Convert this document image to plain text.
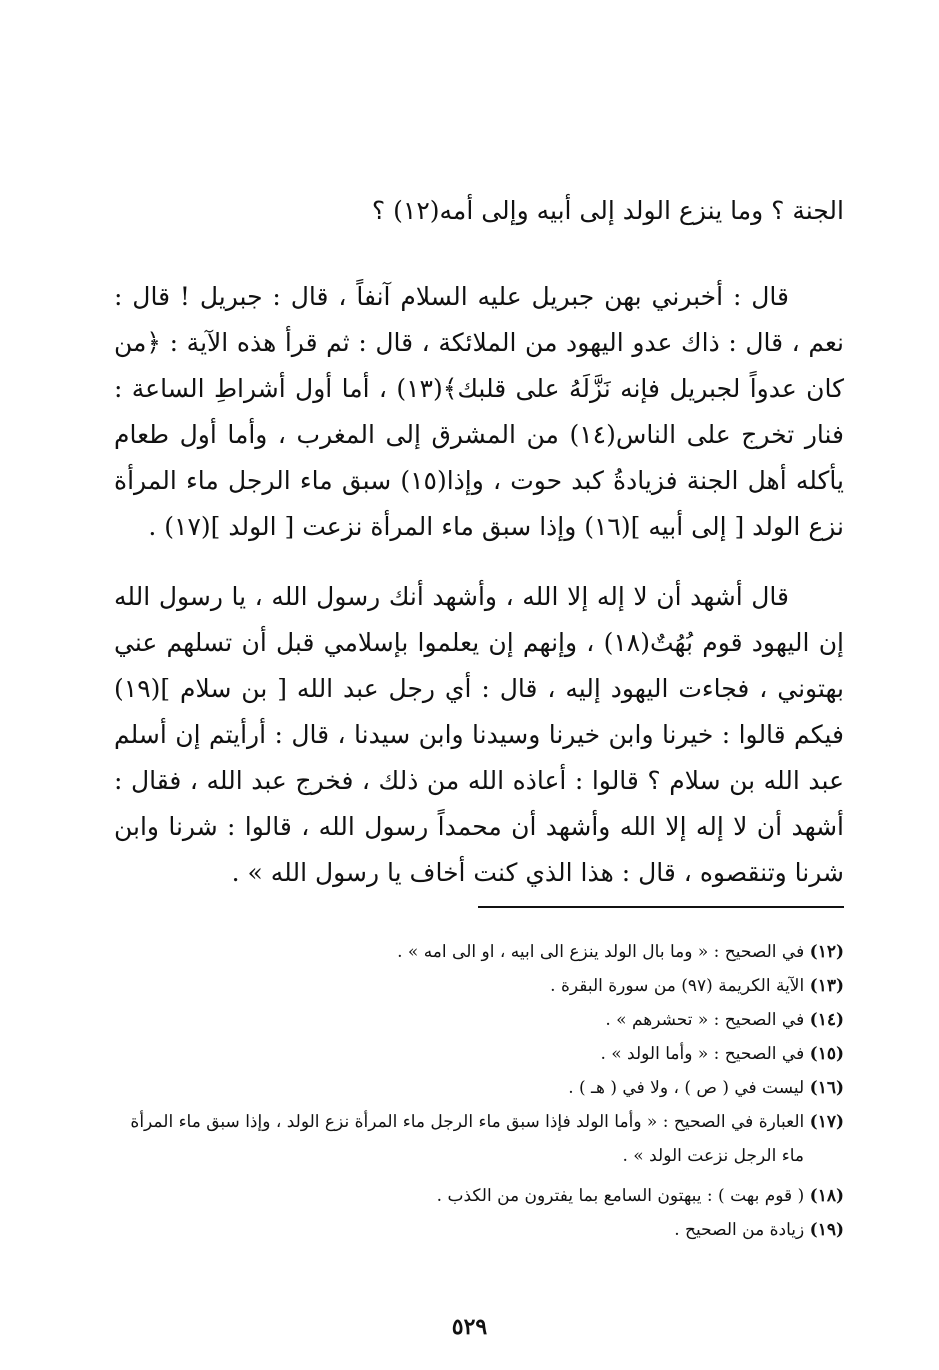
الجنة ؟ وما ينزع الولد إلى أبيه وإلى أمه(١٢) ؟

قال : أخبرني بهن جبريل عليه السلام آنفاً ، قال : جبريل ! قال : نعم ، قال : ذاك عدو اليهود من الملائكة ، قال : ثم قرأ هذه الآية : ﴿من كان عدواً لجبريل فإنه نَزَّلَهُ على قلبك﴾(١٣) ، أما أول أشراطِ الساعة : فنار تخرج على الناس(١٤) من المشرق إلى المغرب ، وأما أول طعام يأكله أهل الجنة فزيادةُ كبد حوت ، وإذا(١٥) سبق ماء الرجل ماء المرأة نزع الولد [ إلى أبيه ](١٦) وإذا سبق ماء المرأة نزعت [ الولد ](١٧) .

قال أشهد أن لا إله إلا الله ، وأشهد أنك رسول الله ، يا رسول الله إن اليهود قوم بُهُتٌ(١٨) ، وإنهم إن يعلموا بإسلامي قبل أن تسلهم عني بهتوني ، فجاءت اليهود إليه ، قال : أي رجل عبد الله [ بن سلام ](١٩) فيكم قالوا : خيرنا وابن خيرنا وسيدنا وابن سيدنا ، قال : أرأيتم إن أسلم عبد الله بن سلام ؟ قالوا : أعاذه الله من ذلك ، فخرج عبد الله ، فقال : أشهد أن لا إله إلا الله وأشهد أن محمداً رسول الله ، قالوا : شرنا وابن شرنا وتنقصوه ، قال : هذا الذي كنت أخاف يا رسول الله » .

(١٢) في الصحيح : « وما بال الولد ينزع الى ابيه ، او الى امه » .

(١٣) الآية الكريمة (٩٧) من سورة البقرة .

(١٤) في الصحيح : « تحشرهم » .

(١٥) في الصحيح : « وأما الولد » .

(١٦) ليست في ( ص ) ، ولا في ( هـ ) .

(١٧) العبارة في الصحيح : « وأما الولد فإذا سبق ماء الرجل ماء المرأة نزع الولد ، وإذا سبق ماء المرأة ماء الرجل نزعت الولد » .

(١٨) ( قوم بهت ) : يبهتون السامع بما يفترون من الكذب .

(١٩) زيادة من الصحيح .

٥٢٩
